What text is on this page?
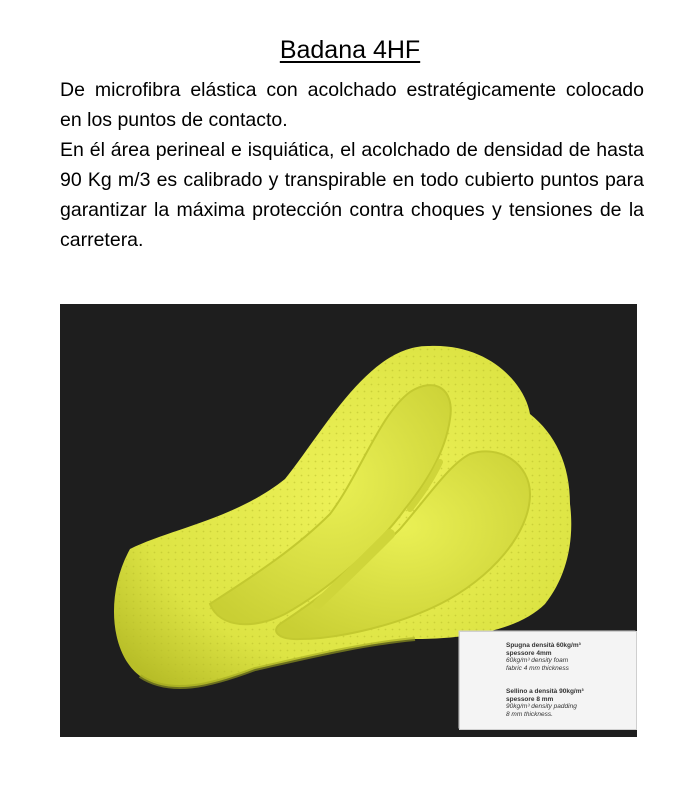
Badana 4HF

De microfibra elástica con acolchado estratégicamente colocado en los puntos de contacto.

En él área perineal e isquiática, el acolchado de densidad de hasta 90 Kg m/3 es calibrado y transpirable en todo cubierto puntos para garantizar la máxima protección contra choques y tensiones de la carretera.

Spugna densità 60kg/m³
spessore 4mm
60kg/m³ density foam
fabric 4 mm thickness
Sellino a densità 90kg/m³
spessore 8 mm
90kg/m³ density padding
8 mm thickness.
